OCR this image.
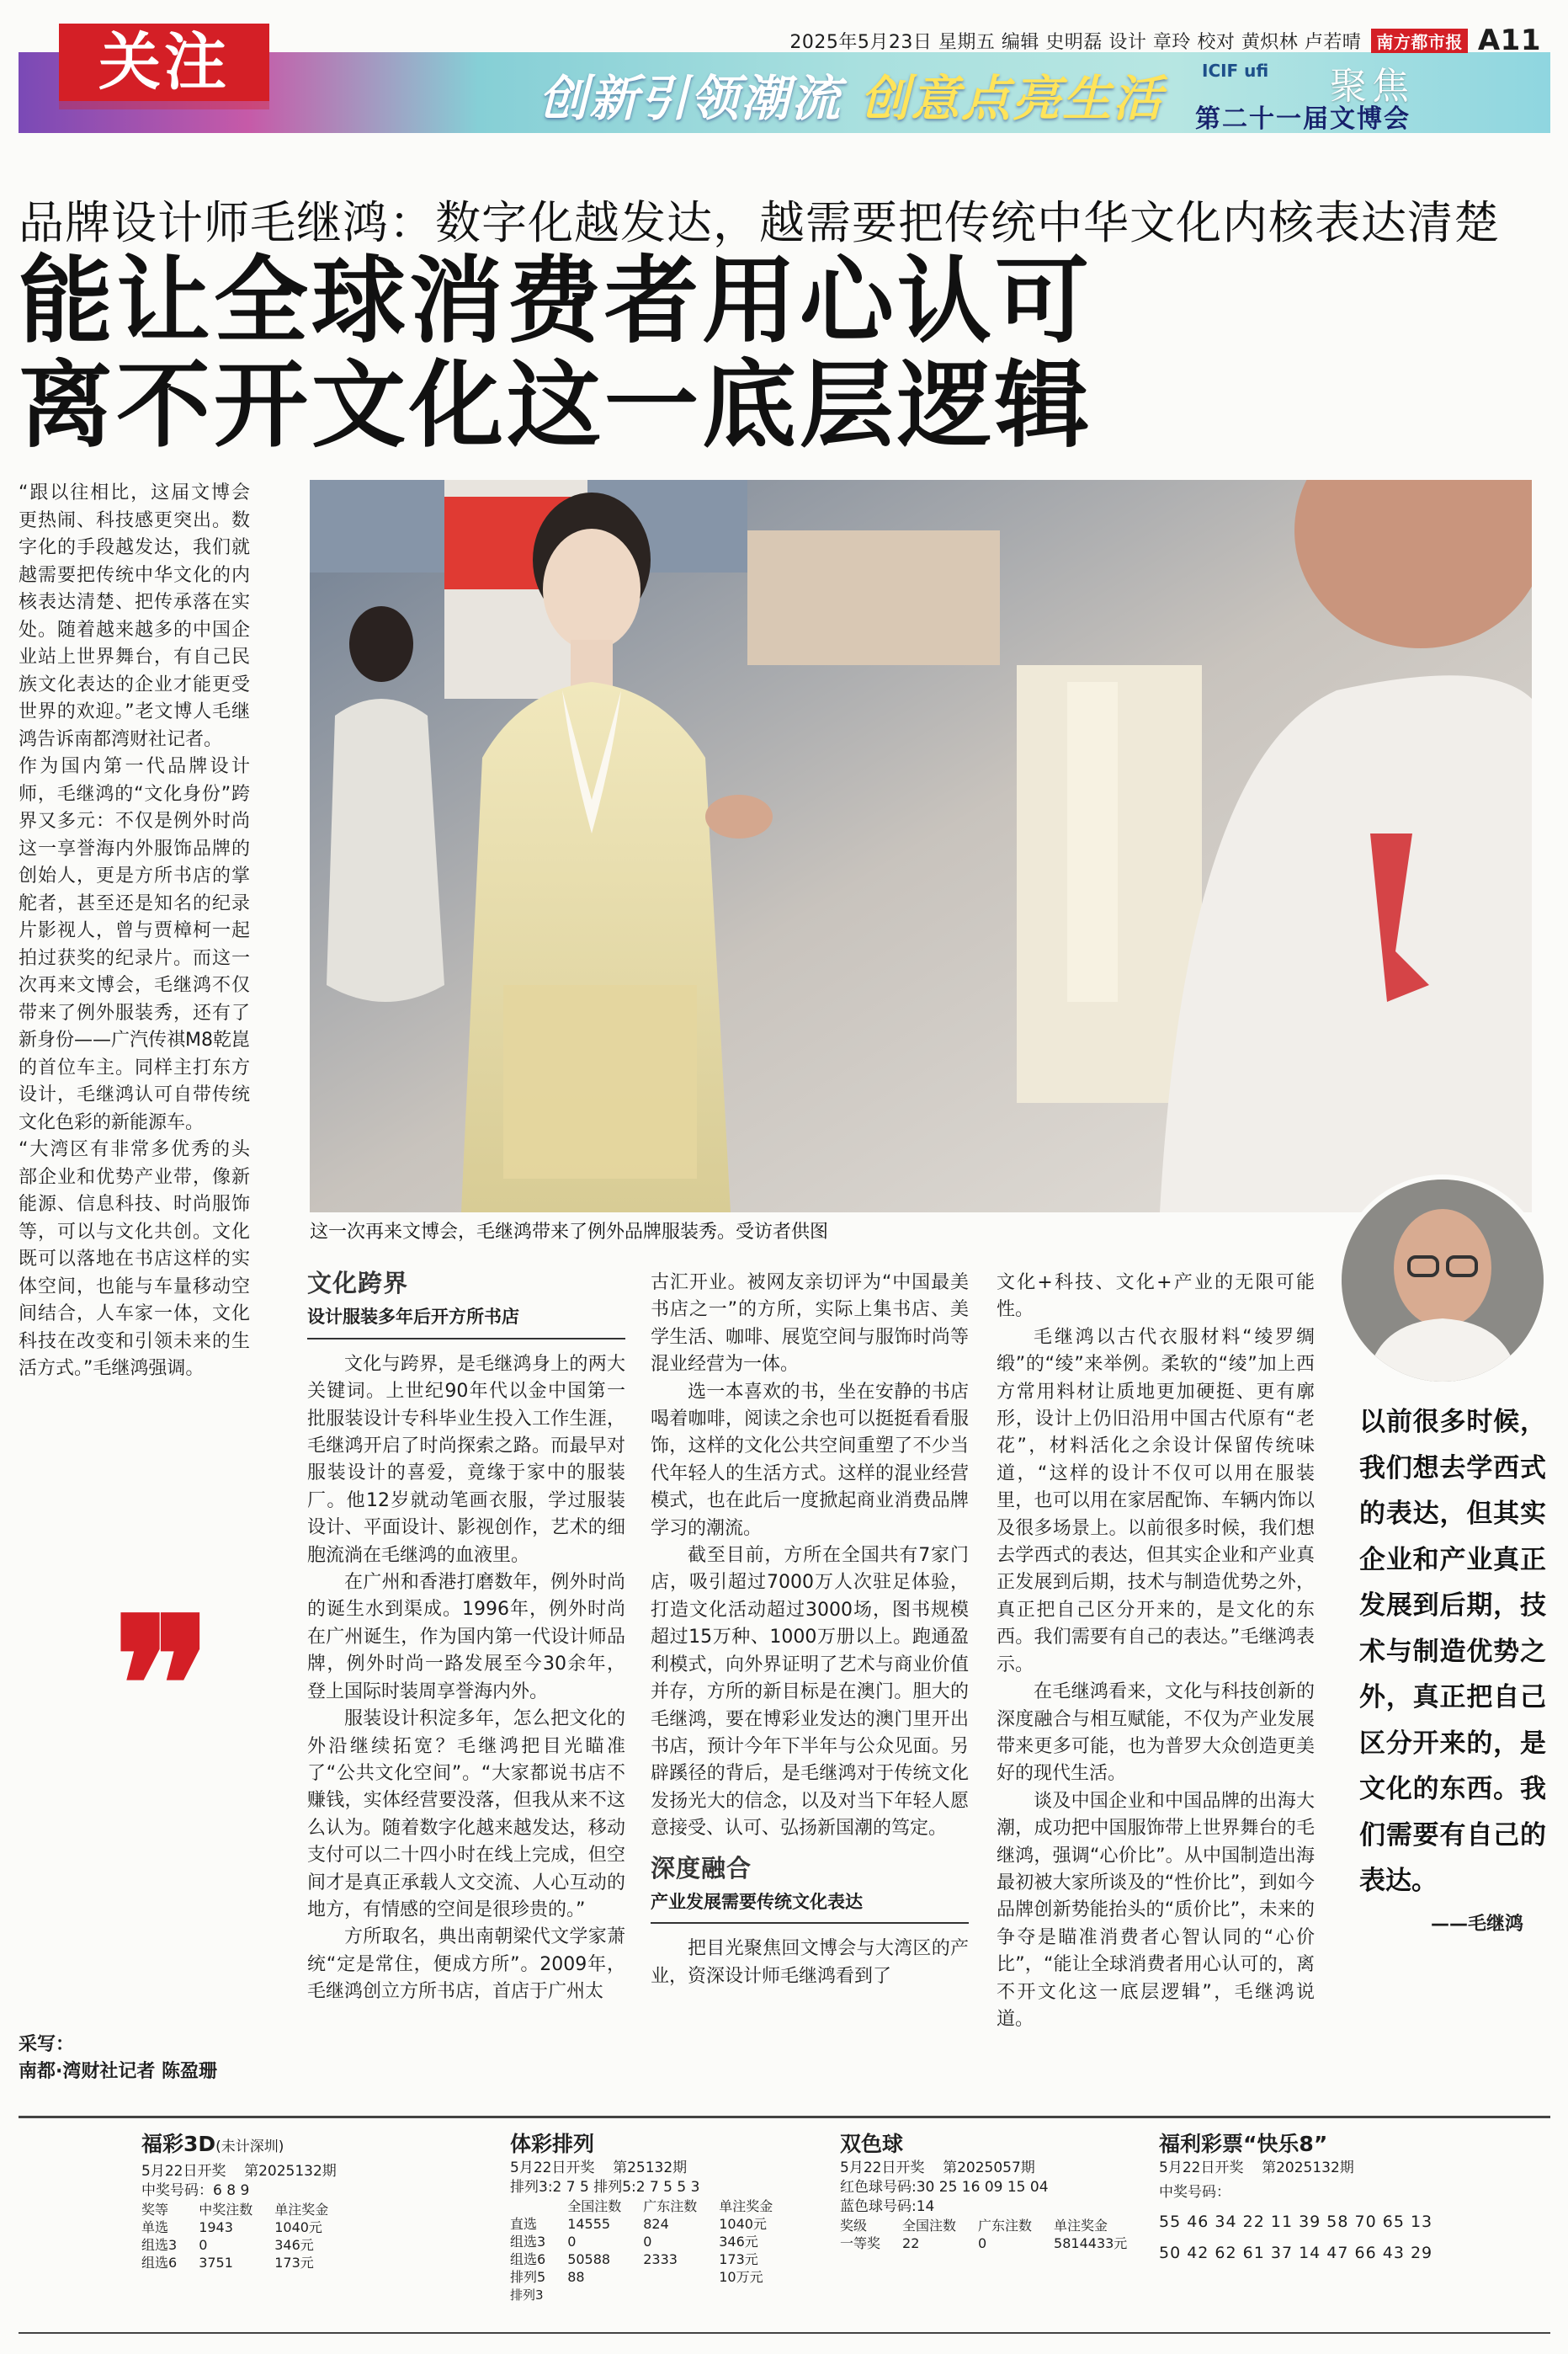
关注	2025年5月23日 星期五 编辑 史明磊 设计 章玲 校对 黄炽林 卢若晴 南方都市报 A11
创新引领潮流 创意点亮生活 ICIF ufi 聚焦
第二十一届文博会
品牌设计师毛继鸿：数字化越发达，越需要把传统中华文化内核表达清楚
能让全球消费者用心认可
离不开文化这一底层逻辑

“跟以往相比，这届文博会更热闹、科技感更突出。数字化的手段越发达，我们就越需要把传统中华文化的内核表达清楚、把传承落在实处。随着越来越多的中国企业站上世界舞台，有自己民族文化表达的企业才能更受世界的欢迎。”老文博人毛继鸿告诉南都湾财社记者。

作为国内第一代品牌设计师，毛继鸿的“文化身份”跨界又多元：不仅是例外时尚这一享誉海内外服饰品牌的创始人，更是方所书店的掌舵者，甚至还是知名的纪录片影视人，曾与贾樟柯一起拍过获奖的纪录片。而这一次再来文博会，毛继鸿不仅带来了例外服装秀，还有了新身份——广汽传祺M8乾崑的首位车主。同样主打东方设计，毛继鸿认可自带传统文化色彩的新能源车。

“大湾区有非常多优秀的头部企业和优势产业带，像新能源、信息科技、时尚服饰等，可以与文化共创。文化既可以落地在书店这样的实体空间，也能与车量移动空间结合，人车家一体，文化科技在改变和引领未来的生活方式。”毛继鸿强调。

❞
采写：
南都·湾财社记者 陈盈珊
这一次再来文博会，毛继鸿带来了例外品牌服装秀。受访者供图
文化跨界
设计服装多年后开方所书店

文化与跨界，是毛继鸿身上的两大关键词。上世纪90年代以金中国第一批服装设计专科毕业生投入工作生涯，毛继鸿开启了时尚探索之路。而最早对服装设计的喜爱，竟缘于家中的服装厂。他12岁就动笔画衣服，学过服装设计、平面设计、影视创作，艺术的细胞流淌在毛继鸿的血液里。

在广州和香港打磨数年，例外时尚的诞生水到渠成。1996年，例外时尚在广州诞生，作为国内第一代设计师品牌，例外时尚一路发展至今30余年，登上国际时装周享誉海内外。

服装设计积淀多年，怎么把文化的外沿继续拓宽？毛继鸿把目光瞄准了“公共文化空间”。“大家都说书店不赚钱，实体经营要没落，但我从来不这么认为。随着数字化越来越发达，移动支付可以二十四小时在线上完成，但空间才是真正承载人文交流、人心互动的地方，有情感的空间是很珍贵的。”

方所取名，典出南朝梁代文学家萧统“定是常住，便成方所”。2009年，毛继鸿创立方所书店，首店于广州太

古汇开业。被网友亲切评为“中国最美书店之一”的方所，实际上集书店、美学生活、咖啡、展览空间与服饰时尚等混业经营为一体。

选一本喜欢的书，坐在安静的书店喝着咖啡，阅读之余也可以挺挺看看服饰，这样的文化公共空间重塑了不少当代年轻人的生活方式。这样的混业经营模式，也在此后一度掀起商业消费品牌学习的潮流。

截至目前，方所在全国共有7家门店，吸引超过7000万人次驻足体验，打造文化活动超过3000场，图书规模超过15万种、1000万册以上。跑通盈利模式，向外界证明了艺术与商业价值并存，方所的新目标是在澳门。胆大的毛继鸿，要在博彩业发达的澳门里开出书店，预计今年下半年与公众见面。另辟蹊径的背后，是毛继鸿对于传统文化发扬光大的信念，以及对当下年轻人愿意接受、认可、弘扬新国潮的笃定。

深度融合
产业发展需要传统文化表达

把目光聚焦回文博会与大湾区的产业，资深设计师毛继鸿看到了

文化+科技、文化+产业的无限可能性。

毛继鸿以古代衣服材料“绫罗绸缎”的“绫”来举例。柔软的“绫”加上西方常用料材让质地更加硬挺、更有廓形，设计上仍旧沿用中国古代原有“老花”，材料活化之余设计保留传统味道，“这样的设计不仅可以用在服装里，也可以用在家居配饰、车辆内饰以及很多场景上。以前很多时候，我们想去学西式的表达，但其实企业和产业真正发展到后期，技术与制造优势之外，真正把自己区分开来的，是文化的东西。我们需要有自己的表达。”毛继鸿表示。

在毛继鸿看来，文化与科技创新的深度融合与相互赋能，不仅为产业发展带来更多可能，也为普罗大众创造更美好的现代生活。

谈及中国企业和中国品牌的出海大潮，成功把中国服饰带上世界舞台的毛继鸿，强调“心价比”。从中国制造出海最初被大家所谈及的“性价比”，到如今品牌创新势能抬头的“质价比”，未来的争夺是瞄准消费者心智认同的“心价比”，“能让全球消费者用心认可的，离不开文化这一底层逻辑”，毛继鸿说道。

以前很多时候，我们想去学西式的表达，但其实企业和产业真正发展到后期，技术与制造优势之外，真正把自己区分开来的，是文化的东西。我们需要有自己的表达。
——毛继鸿
福彩3D(未计深圳)
5月22日开奖 第2025132期
中奖号码：6 8 9
奖等	中奖注数	单注奖金
单选	1943	1040元
组选3	0	346元
组选6	3751	173元
体彩排列
5月22日开奖 第25132期
排列3:2 7 5 排列5:2 7 5 5 3
	全国注数	广东注数	单注奖金
直选	14555	824	1040元
组选3	0	0	346元
组选6	50588	2333	173元
排列5	88		10万元
排列3
双色球
5月22日开奖 第2025057期
红色球号码:30 25 16 09 15 04
蓝色球号码:14
奖级	全国注数	广东注数	单注奖金
一等奖	22	0	5814433元
福利彩票“快乐8”
5月22日开奖 第2025132期
中奖号码：
55 46 34 22 11 39 58 70 65 13
50 42 62 61 37 14 47 66 43 29
